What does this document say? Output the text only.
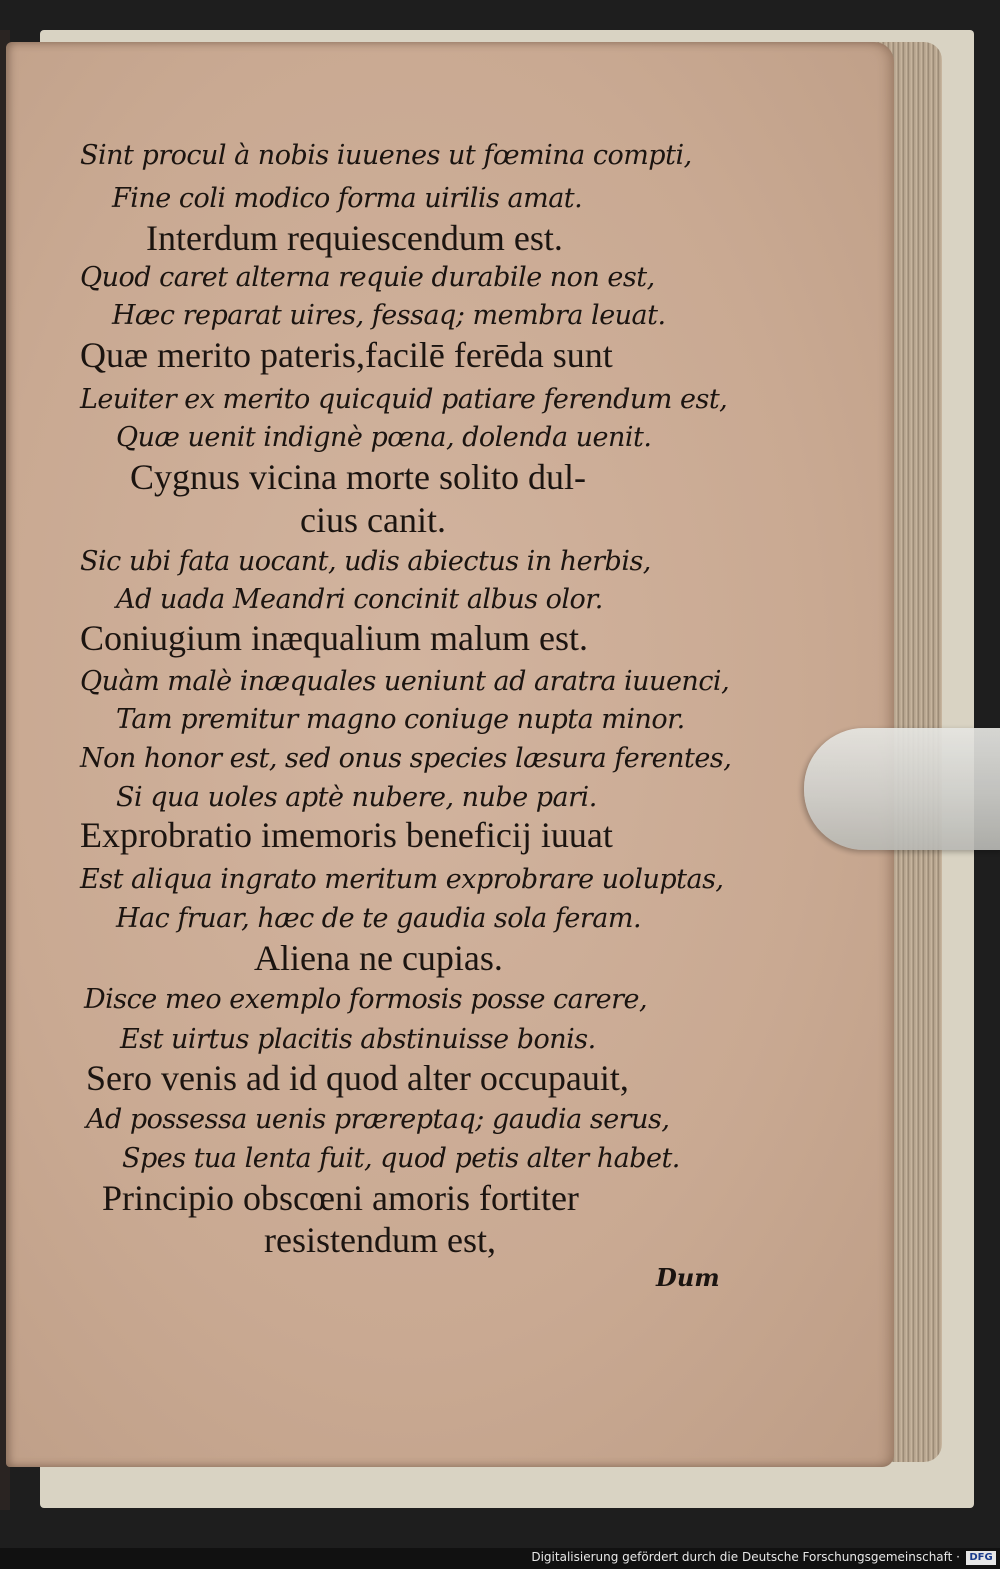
Sint procul à nobis iuuenes ut fœmina compti,
Fine coli modico forma uirilis amat.
Interdum requiescendum est.
Quod caret alterna requie durabile non est,
Hæc reparat uires, fessaq; membra leuat.
Quæ merito pateris,facilē ferēda sunt
Leuiter ex merito quicquid patiare ferendum est,
Quæ uenit indignè pœna, dolenda uenit.
Cygnus vicina morte solito dul-
cius canit.
Sic ubi fata uocant, udis abiectus in herbis,
Ad uada Meandri concinit albus olor.
Coniugium inæqualium malum est.
Quàm malè inæquales ueniunt ad aratra iuuenci,
Tam premitur magno coniuge nupta minor.
Non honor est, sed onus species læsura ferentes,
Si qua uoles aptè nubere, nube pari.
Exprobratio imemoris beneficij iuuat
Est aliqua ingrato meritum exprobrare uoluptas,
Hac fruar, hæc de te gaudia sola feram.
Aliena ne cupias.
Disce meo exemplo formosis posse carere,
Est uirtus placitis abstinuisse bonis.
Sero venis ad id quod alter occupauit,
Ad possessa uenis præreptaq; gaudia serus,
Spes tua lenta fuit, quod petis alter habet.
Principio obscœni amoris fortiter
resistendum est,
Dum
Digitalisierung gefördert durch die Deutsche Forschungsgemeinschaft · DFG
